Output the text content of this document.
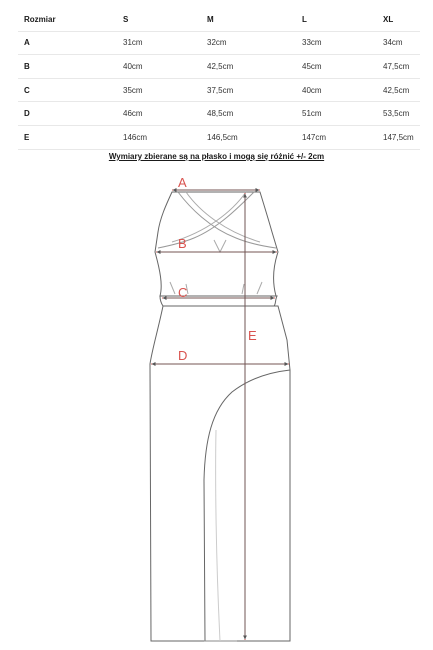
Rozmiar	S	M	L	XL
A	31cm	32cm	33cm	34cm
B	40cm	42,5cm	45cm	47,5cm
C	35cm	37,5cm	40cm	42,5cm
D	46cm	48,5cm	51cm	53,5cm
E	146cm	146,5cm	147cm	147,5cm
Wymiary zbierane są na płasko i mogą się różnić +/- 2cm
A
B
C
D
E
